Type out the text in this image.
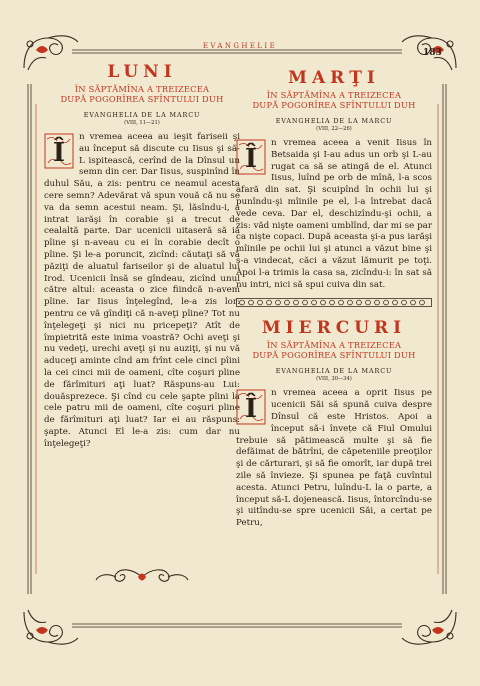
EVANGHELIE
183
LUNI

ÎN SĂPTĂMÎNA A TREIZECEA

DUPĂ POGORÎREA SFÎNTULUI DUH

EVANGHELIA DE LA MARCU

(VIII, 11—21)

Î
n vremea aceea au ieşit fariseii şi au început să discute cu Iisus şi să-L ispitească, cerînd de la Dînsul un semn din cer. Dar Iisus, suspinînd în duhul Său, a zis: pentru ce neamul acesta cere semn? Adevărat vă spun vouă că nu se va da semn acestui neam. Şi, lăsîndu-i, a intrat iarăşi în corabie şi a trecut de cealaltă parte. Dar ucenicii uitaseră să ia pîine şi n-aveau cu ei în corabie decît o pîine. Şi le-a poruncit, zicînd: căutaţi să vă păziţi de aluatul fariseilor şi de aluatul lui Irod. Ucenicii însă se gîndeau, zicînd unul către altul: aceasta o zice fiindcă n-avem pîine. Iar Iisus înţelegînd, le-a zis lor: pentru ce vă gîndiţi că n-aveţi pîine? Tot nu înţelegeţi şi nici nu pricepeţi? Atît de împietrită este inima voastră? Ochi aveţi şi nu vedeţi, urechi aveţi şi nu auziţi, şi nu vă aduceţi aminte cînd am frînt cele cinci pîini la cei cinci mii de oameni, cîte coşuri pline de fărîmituri aţi luat? Răspuns-au Lui: douăsprezece. Şi cînd cu cele şapte pîini la cele patru mii de oameni, cîte coşuri pline de fărîmituri aţi luat? Iar ei au răspuns: şapte. Atunci El le-a zis: cum dar nu înţelegeţi?

MARŢI

ÎN SĂPTĂMÎNA A TREIZECEA

DUPĂ POGORÎREA SFÎNTULUI DUH

EVANGHELIA DE LA MARCU

(VIII, 22—26)

Î
n vremea aceea a venit Iisus în Betsaida şi I-au adus un orb şi L-au rugat ca să se atingă de el. Atunci Iisus, luînd pe orb de mînă, l-a scos afară din sat. Şi scuipînd în ochii lui şi punîndu-şi mîinile pe el, l-a întrebat dacă vede ceva. Dar el, deschizîndu-şi ochii, a zis: văd nişte oameni umblînd, dar mi se par ca nişte copaci. După aceasta şi-a pus iarăşi mîinile pe ochii lui şi atunci a văzut bine şi s-a vindecat, căci a văzut lămurit pe toţi. Apoi l-a trimis la casa sa, zicîndu-i: în sat să nu intri, nici să spui cuiva din sat.

MIERCURI

ÎN SĂPTĂMÎNA A TREIZECEA

DUPĂ POGORÎREA SFÎNTULUI DUH

EVANGHELIA DE LA MARCU

(VIII, 30—34)

Î
n vremea aceea a oprit Iisus pe ucenicii Săi să spună cuiva despre Dînsul că este Hristos. Apoi a început să-i învețe că Fiul Omului trebuie să pătimească multe şi să fie defăimat de bătrîni, de căpeteniile preoţilor şi de cărturari, şi să fie omorît, iar după trei zile să învieze. Şi spunea pe faţă cuvîntul acesta. Atunci Petru, luîndu-L la o parte, a început să-L dojenească. Iisus, întorcîndu-se şi uitîndu-se spre ucenicii Săi, a certat pe Petru,
